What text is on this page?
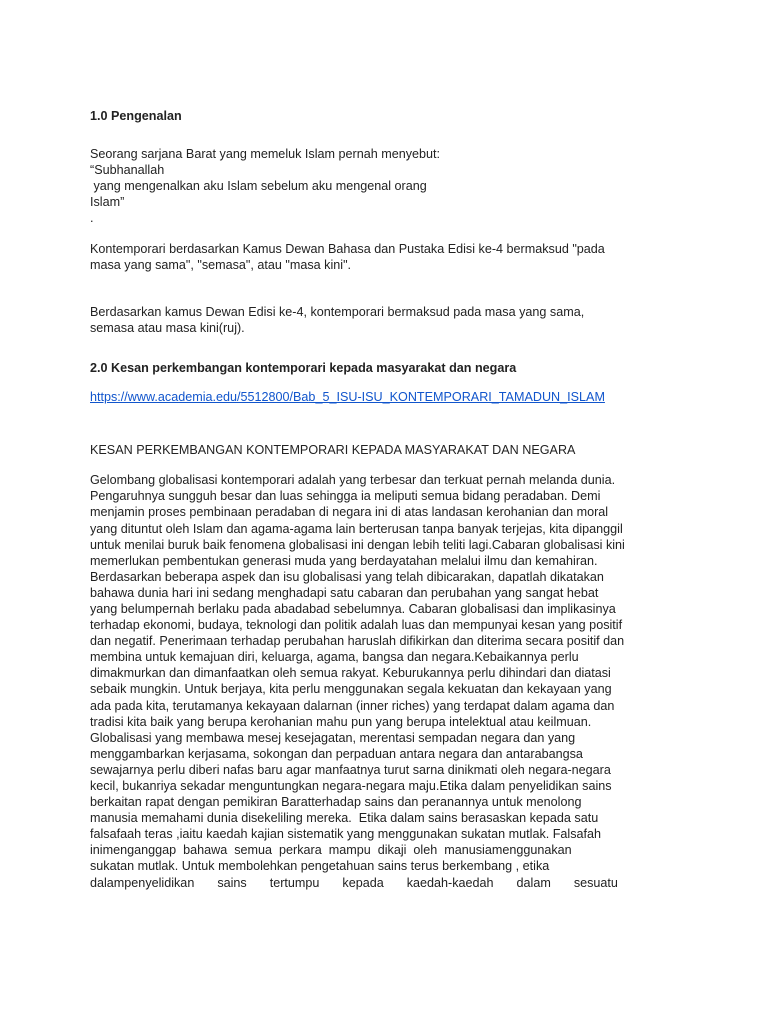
1.0 Pengenalan

Seorang sarjana Barat yang memeluk Islam pernah menyebut:
“Subhanallah
yang mengenalkan aku Islam sebelum aku mengenal orang
Islam”
.
Kontemporari berdasarkan Kamus Dewan Bahasa dan Pustaka Edisi ke-4 bermaksud "pada
masa yang sama", "semasa", atau "masa kini".
Berdasarkan kamus Dewan Edisi ke-4, kontemporari bermaksud pada masa yang sama,
semasa atau masa kini(ruj).

2.0 Kesan perkembangan kontemporari kepada masyarakat dan negara

https://www.academia.edu/5512800/Bab_5_ISU-ISU_KONTEMPORARI_TAMADUN_ISLAM
KESAN PERKEMBANGAN KONTEMPORARI KEPADA MASYARAKAT DAN NEGARA
Gelombang globalisasi kontemporari adalah yang terbesar dan terkuat pernah melanda dunia.
Pengaruhnya sungguh besar dan luas sehingga ia meliputi semua bidang peradaban. Demi
menjamin proses pembinaan peradaban di negara ini di atas landasan kerohanian dan moral
yang dituntut oleh Islam dan agama-agama lain berterusan tanpa banyak terjejas, kita dipanggil
untuk menilai buruk baik fenomena globalisasi ini dengan lebih teliti lagi.Cabaran globalisasi kini
memerlukan pembentukan generasi muda yang berdayatahan melalui ilmu dan kemahiran.
Berdasarkan beberapa aspek dan isu globalisasi yang telah dibicarakan, dapatlah dikatakan
bahawa dunia hari ini sedang menghadapi satu cabaran dan perubahan yang sangat hebat
yang belumpernah berlaku pada abadabad sebelumnya. Cabaran globalisasi dan implikasinya
terhadap ekonomi, budaya, teknologi dan politik adalah luas dan mempunyai kesan yang positif
dan negatif. Penerimaan terhadap perubahan haruslah difikirkan dan diterima secara positif dan
membina untuk kemajuan diri, keluarga, agama, bangsa dan negara.Kebaikannya perlu
dimakmurkan dan dimanfaatkan oleh semua rakyat. Keburukannya perlu dihindari dan diatasi
sebaik mungkin. Untuk berjaya, kita perlu menggunakan segala kekuatan dan kekayaan yang
ada pada kita, terutamanya kekayaan dalarnan (inner riches) yang terdapat dalam agama dan
tradisi kita baik yang berupa kerohanian mahu pun yang berupa intelektual atau keilmuan.
Globalisasi yang membawa mesej kesejagatan, merentasi sempadan negara dan yang
menggambarkan kerjasama, sokongan dan perpaduan antara negara dan antarabangsa
sewajarnya perlu diberi nafas baru agar manfaatnya turut sarna dinikmati oleh negara-negara
kecil, bukanriya sekadar menguntungkan negara-negara maju.Etika dalam penyelidikan sains
berkaitan rapat dengan pemikiran Baratterhadap sains dan peranannya untuk menolong
manusia memahami dunia disekeliling mereka.  Etika dalam sains berasaskan kepada satu
falsafaah teras ,iaitu kaedah kajian sistematik yang menggunakan sukatan mutlak. Falsafah
inimenganggap  bahawa  semua  perkara  mampu  dikaji  oleh  manusiamenggunakan
sukatan mutlak. Untuk membolehkan pengetahuan sains terus berkembang , etika
dalampenyelidikan sains tertumpu kepada kaedah-kaedah dalam sesuatu
